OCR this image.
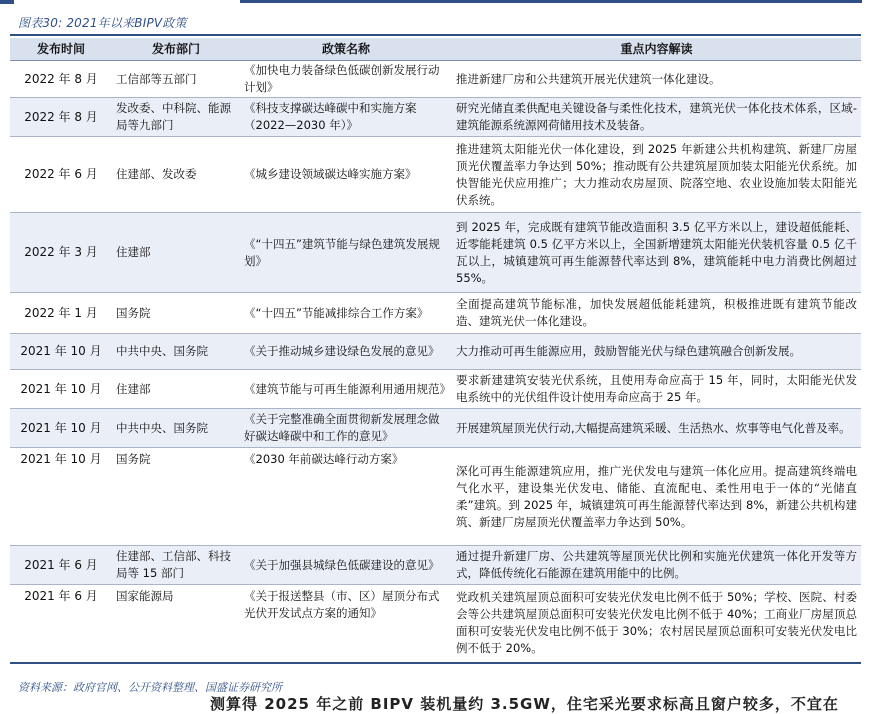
图表30: 2021年以来BIPV政策
发布时间	发布部门	政策名称	重点内容解读
2022 年 8 月	工信部等五部门	《加快电力装备绿色低碳创新发展行动计划》	推进新建厂房和公共建筑开展光伏建筑一体化建设。
2022 年 8 月	发改委、中科院、能源局等九部门	《科技支撑碳达峰碳中和实施方案（2022—2030 年）》	研究光储直柔供配电关键设备与柔性化技术，建筑光伏一体化技术体系，区域-建筑能源系统源网荷储用技术及装备。
2022 年 6 月	住建部、发改委	《城乡建设领域碳达峰实施方案》	推进建筑太阳能光伏一体化建设，到 2025 年新建公共机构建筑、新建厂房屋顶光伏覆盖率力争达到 50%；推动既有公共建筑屋顶加装太阳能光伏系统。加快智能光伏应用推广；大力推动农房屋顶、院落空地、农业设施加装太阳能光伏系统。
2022 年 3 月	住建部	《“十四五”建筑节能与绿色建筑发展规划》	到 2025 年，完成既有建筑节能改造面积 3.5 亿平方米以上，建设超低能耗、近零能耗建筑 0.5 亿平方米以上，全国新增建筑太阳能光伏装机容量 0.5 亿千瓦以上，城镇建筑可再生能源替代率达到 8%，建筑能耗中电力消费比例超过 55%。
2022 年 1 月	国务院	《“十四五”节能减排综合工作方案》	全面提高建筑节能标准，加快发展超低能耗建筑，积极推进既有建筑节能改造、建筑光伏一体化建设。
2021 年 10 月	中共中央、国务院	《关于推动城乡建设绿色发展的意见》	大力推动可再生能源应用，鼓励智能光伏与绿色建筑融合创新发展。
2021 年 10 月	住建部	《建筑节能与可再生能源利用通用规范》	要求新建建筑安装光伏系统，且使用寿命应高于 15 年，同时，太阳能光伏发电系统中的光伏组件设计使用寿命应高于 25 年。
2021 年 10 月	中共中央、国务院	《关于完整准确全面贯彻新发展理念做好碳达峰碳中和工作的意见》	开展建筑屋顶光伏行动,大幅提高建筑采暖、生活热水、炊事等电气化普及率。
2021 年 10 月	国务院	《2030 年前碳达峰行动方案》	深化可再生能源建筑应用，推广光伏发电与建筑一体化应用。提高建筑终端电气化水平，建设集光伏发电、储能、直流配电、柔性用电于一体的“光储直柔”建筑。到 2025 年，城镇建筑可再生能源替代率达到 8%，新建公共机构建筑、新建厂房屋顶光伏覆盖率力争达到 50%。
2021 年 6 月	住建部、工信部、科技局等 15 部门	《关于加强县城绿色低碳建设的意见》	通过提升新建厂房、公共建筑等屋顶光伏比例和实施光伏建筑一体化开发等方式，降低传统化石能源在建筑用能中的比例。
2021 年 6 月	国家能源局	《关于报送整县（市、区）屋顶分布式光伏开发试点方案的通知》	党政机关建筑屋顶总面积可安装光伏发电比例不低于 50%；学校、医院、村委会等公共建筑屋顶总面积可安装光伏发电比例不低于 40%；工商业厂房屋顶总面积可安装光伏发电比例不低于 30%；农村居民屋顶总面积可安装光伏发电比例不低于 20%。
资料来源：政府官网、公开资料整理、国盛证券研究所
测算得 2025 年之前 BIPV 装机量约 3.5GW，住宅采光要求标高且窗户较多，不宜在
